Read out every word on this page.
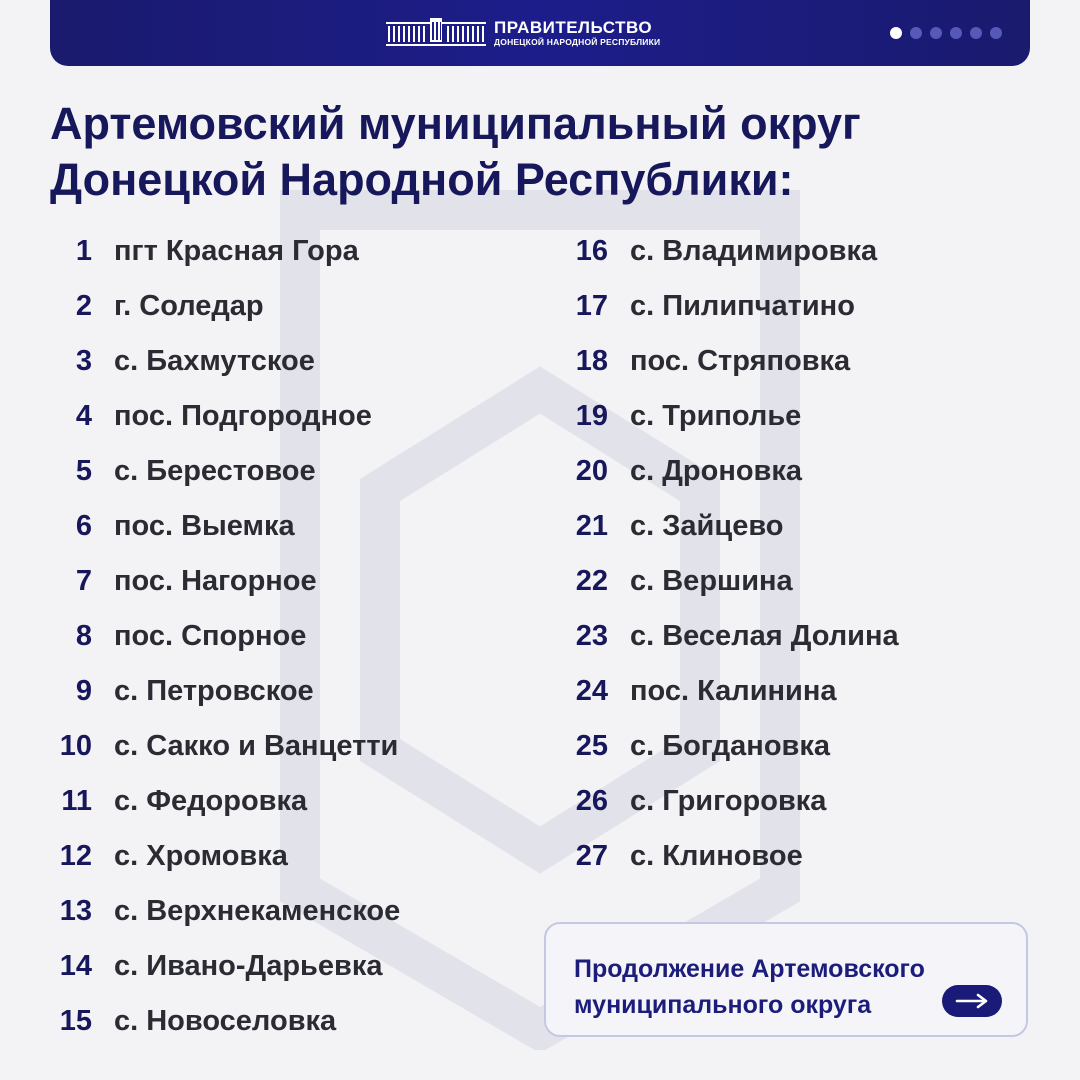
ПРАВИТЕЛЬСТВО
ДОНЕЦКОЙ НАРОДНОЙ РЕСПУБЛИКИ
Артемовский муниципальный округ
Донецкой Народной Республики:
1 пгт Красная Гора
2 г. Соледар
3 с. Бахмутское
4 пос. Подгородное
5 с. Берестовое
6 пос. Выемка
7 пос. Нагорное
8 пос. Спорное
9 с. Петровское
10 с. Сакко и Ванцетти
11 с. Федоровка
12 с. Хромовка
13 с. Верхнекаменское
14 с. Ивано-Дарьевка
15 с. Новоселовка
16 с. Владимировка
17 с. Пилипчатино
18 пос. Стряповка
19 с. Триполье
20 с. Дроновка
21 с. Зайцево
22 с. Вершина
23 с. Веселая Долина
24 пос. Калинина
25 с. Богдановка
26 с. Григоровка
27 с. Клиновое
Продолжение Артемовского
муниципального округа
